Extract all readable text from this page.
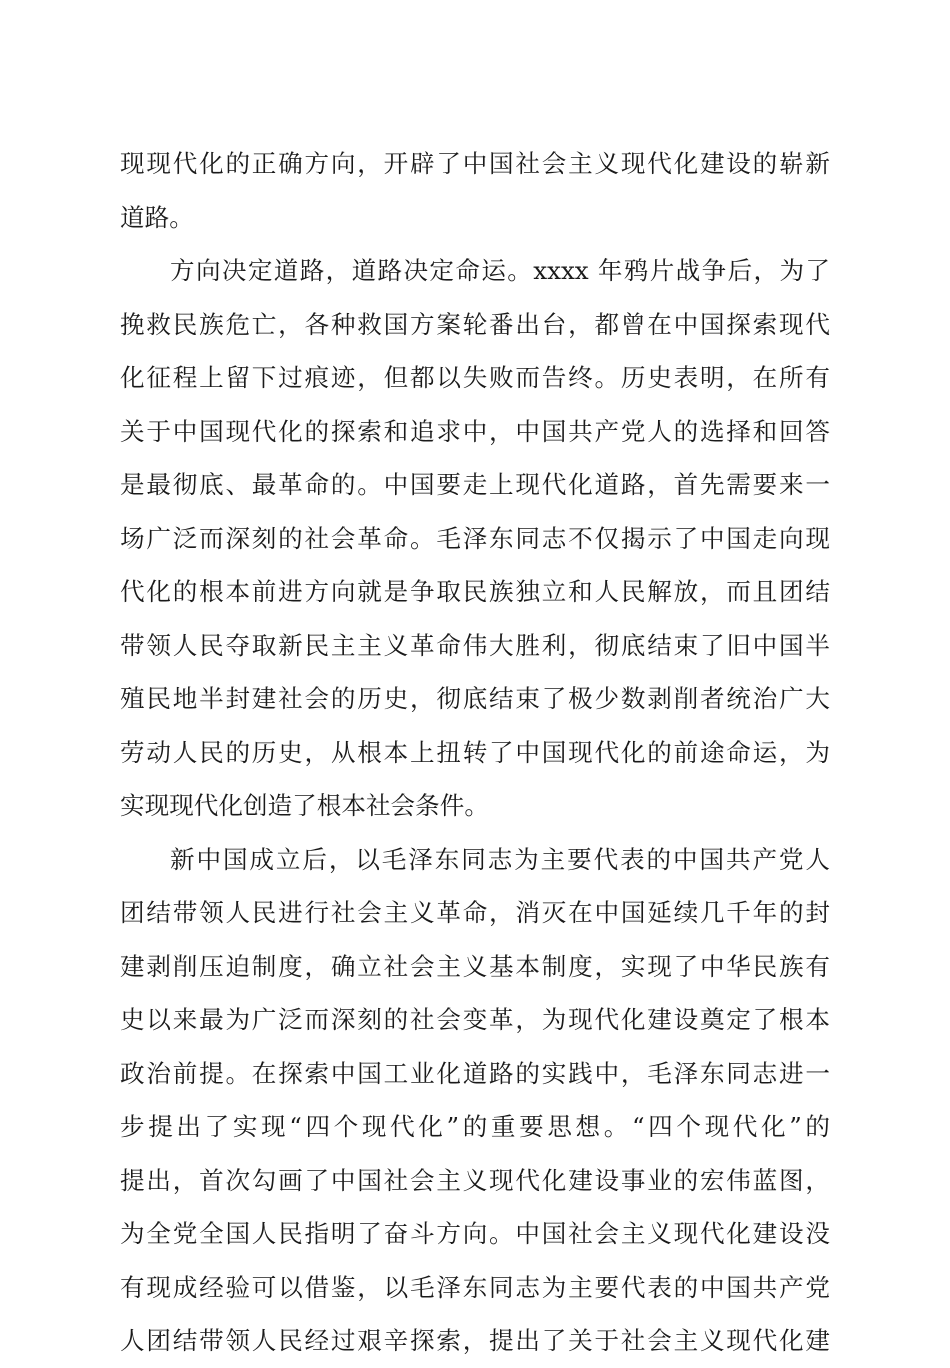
现现代化的正确方向，开辟了中国社会主义现代化建设的崭新
道路。
方向决定道路，道路决定命运。xxxx 年鸦片战争后，为了
挽救民族危亡，各种救国方案轮番出台，都曾在中国探索现代
化征程上留下过痕迹，但都以失败而告终。历史表明，在所有
关于中国现代化的探索和追求中，中国共产党人的选择和回答
是最彻底、最革命的。中国要走上现代化道路，首先需要来一
场广泛而深刻的社会革命。毛泽东同志不仅揭示了中国走向现
代化的根本前进方向就是争取民族独立和人民解放，而且团结
带领人民夺取新民主主义革命伟大胜利，彻底结束了旧中国半
殖民地半封建社会的历史，彻底结束了极少数剥削者统治广大
劳动人民的历史，从根本上扭转了中国现代化的前途命运，为
实现现代化创造了根本社会条件。
新中国成立后，以毛泽东同志为主要代表的中国共产党人
团结带领人民进行社会主义革命，消灭在中国延续几千年的封
建剥削压迫制度，确立社会主义基本制度，实现了中华民族有
史以来最为广泛而深刻的社会变革，为现代化建设奠定了根本
政治前提。在探索中国工业化道路的实践中，毛泽东同志进一
步提出了实现“四个现代化”的重要思想。“四个现代化”的
提出，首次勾画了中国社会主义现代化建设事业的宏伟蓝图，
为全党全国人民指明了奋斗方向。中国社会主义现代化建设没
有现成经验可以借鉴，以毛泽东同志为主要代表的中国共产党
人团结带领人民经过艰辛探索，提出了关于社会主义现代化建
